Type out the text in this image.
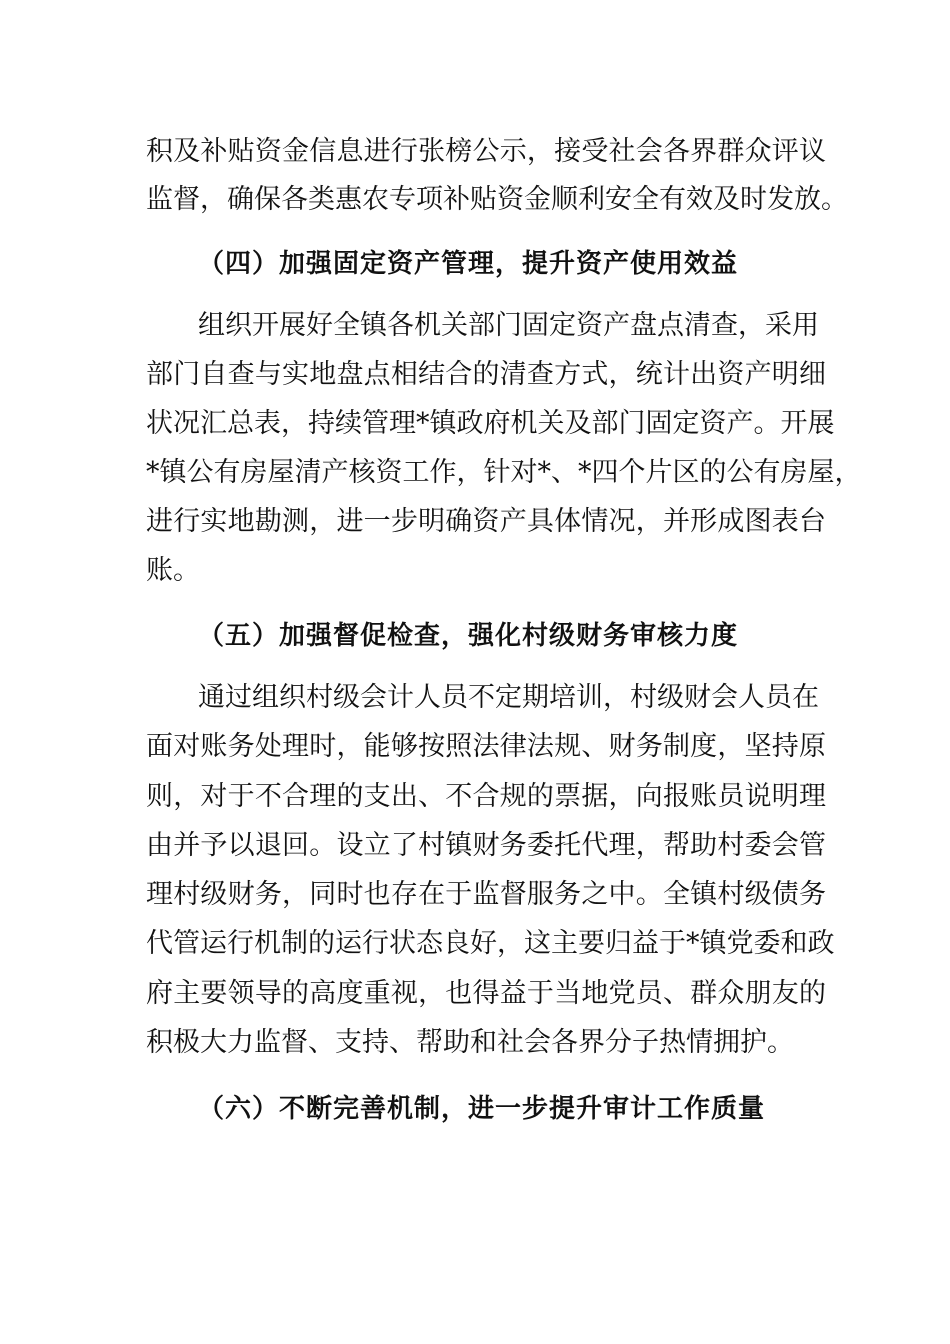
积及补贴资金信息进行张榜公示，接受社会各界群众评议
监督，确保各类惠农专项补贴资金顺利安全有效及时发放。
（四）加强固定资产管理，提升资产使用效益
组织开展好全镇各机关部门固定资产盘点清查，采用
部门自查与实地盘点相结合的清查方式，统计出资产明细
状况汇总表，持续管理*镇政府机关及部门固定资产。开展
*镇公有房屋清产核资工作，针对*、*四个片区的公有房屋，
进行实地勘测，进一步明确资产具体情况，并形成图表台
账。
（五）加强督促检查，强化村级财务审核力度
通过组织村级会计人员不定期培训，村级财会人员在
面对账务处理时，能够按照法律法规、财务制度，坚持原
则，对于不合理的支出、不合规的票据，向报账员说明理
由并予以退回。设立了村镇财务委托代理，帮助村委会管
理村级财务，同时也存在于监督服务之中。全镇村级债务
代管运行机制的运行状态良好，这主要归益于*镇党委和政
府主要领导的高度重视，也得益于当地党员、群众朋友的
积极大力监督、支持、帮助和社会各界分子热情拥护。
（六）不断完善机制，进一步提升审计工作质量
